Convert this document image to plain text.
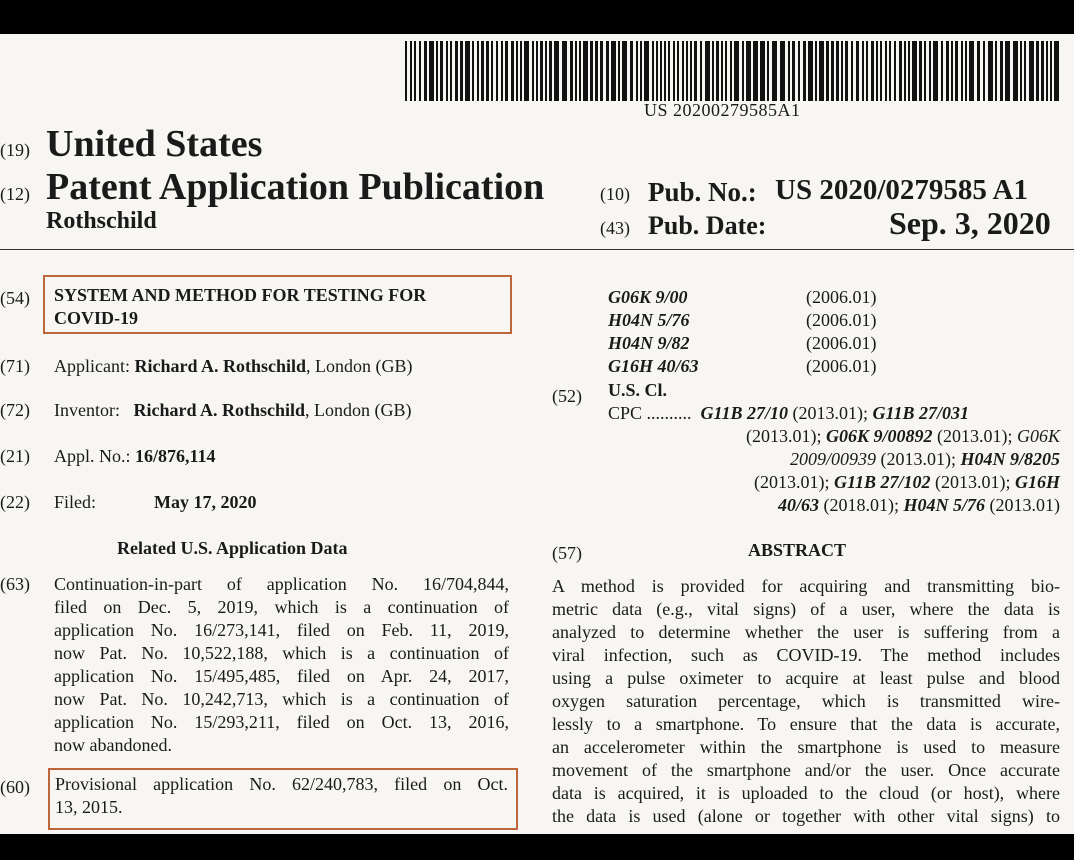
US 20200279585A1
(19) United States
(12) Patent Application Publication
Rothschild
(10) Pub. No.: US 2020/0279585 A1
(43) Pub. Date:	Sep. 3, 2020
(54) SYSTEM AND METHOD FOR TESTING FOR
COVID-19
(71) Applicant: Richard A. Rothschild, London (GB)
(72) Inventor: Richard A. Rothschild, London (GB)
(21) Appl. No.: 16/876,114
(22) Filed:	May 17, 2020
Related U.S. Application Data
(63) Continuation-in-part of application No. 16/704,844,
filed on Dec. 5, 2019, which is a continuation of
application No. 16/273,141, filed on Feb. 11, 2019,
now Pat. No. 10,522,188, which is a continuation of
application No. 15/495,485, filed on Apr. 24, 2017,
now Pat. No. 10,242,713, which is a continuation of
application No. 15/293,211, filed on Oct. 13, 2016,
now abandoned.
(60) Provisional application No. 62/240,783, filed on Oct.
13, 2015.
G06K 9/00	(2006.01)
H04N 5/76	(2006.01)
H04N 9/82	(2006.01)
G16H 40/63	(2006.01)
(52) U.S. Cl.
CPC .......... G11B 27/10 (2013.01); G11B 27/031
(2013.01); G06K 9/00892 (2013.01); G06K
2009/00939 (2013.01); H04N 9/8205
(2013.01); G11B 27/102 (2013.01); G16H
40/63 (2018.01); H04N 5/76 (2013.01)
(57)	ABSTRACT
A method is provided for acquiring and transmitting bio-
metric data (e.g., vital signs) of a user, where the data is
analyzed to determine whether the user is suffering from a
viral infection, such as COVID-19. The method includes
using a pulse oximeter to acquire at least pulse and blood
oxygen saturation percentage, which is transmitted wire-
lessly to a smartphone. To ensure that the data is accurate,
an accelerometer within the smartphone is used to measure
movement of the smartphone and/or the user. Once accurate
data is acquired, it is uploaded to the cloud (or host), where
the data is used (alone or together with other vital signs) to
